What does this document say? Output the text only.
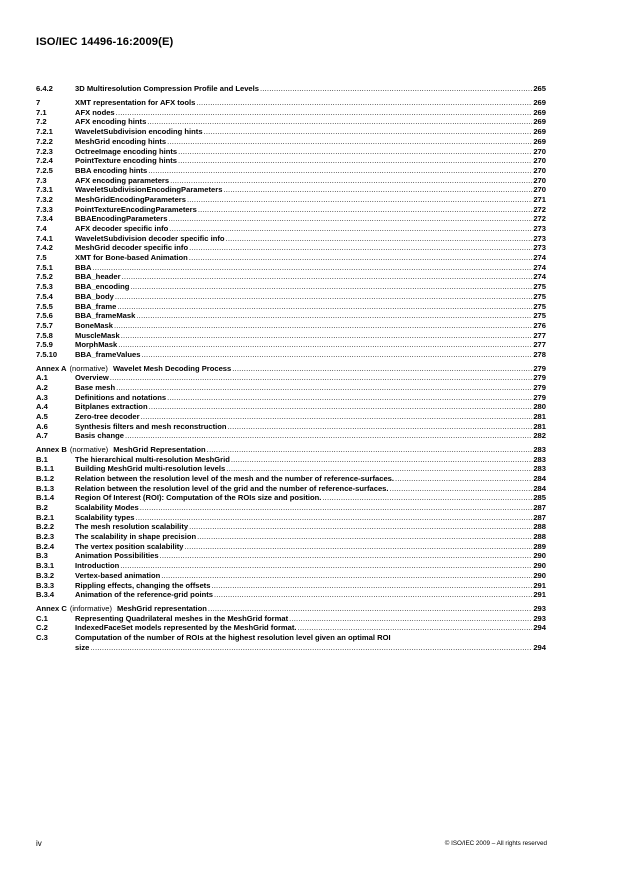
ISO/IEC 14496-16:2009(E)
6.4.2	3D Multiresolution Compression Profile and Levels .....	265
7	XMT representation for AFX tools .....	269
7.1	AFX nodes .....	269
7.2	AFX encoding hints .....	269
7.2.1	WaveletSubdivision encoding hints .....	269
7.2.2	MeshGrid encoding hints .....	269
7.2.3	OctreeImage encoding hints .....	270
7.2.4	PointTexture encoding hints .....	270
7.2.5	BBA encoding hints .....	270
7.3	AFX encoding parameters .....	270
7.3.1	WaveletSubdivisionEncodingParameters .....	270
7.3.2	MeshGridEncodingParameters .....	271
7.3.3	PointTextureEncodingParameters .....	272
7.3.4	BBAEncodingParameters .....	272
7.4	AFX decoder specific info .....	273
7.4.1	WaveletSubdivision decoder specific info .....	273
7.4.2	MeshGrid decoder specific info .....	273
7.5	XMT for Bone-based Animation .....	274
7.5.1	BBA .....	274
7.5.2	BBA_header .....	274
7.5.3	BBA_encoding .....	275
7.5.4	BBA_body .....	275
7.5.5	BBA_frame .....	275
7.5.6	BBA_frameMask .....	275
7.5.7	BoneMask .....	276
7.5.8	MuscleMask .....	277
7.5.9	MorphMask .....	277
7.5.10	BBA_frameValues .....	278
Annex A (normative) Wavelet Mesh Decoding Process .....	279
A.1	Overview .....	279
A.2	Base mesh .....	279
A.3	Definitions and notations .....	279
A.4	Bitplanes extraction .....	280
A.5	Zero-tree decoder .....	281
A.6	Synthesis filters and mesh reconstruction .....	281
A.7	Basis change .....	282
Annex B (normative) MeshGrid Representation .....	283
B.1	The hierarchical multi-resolution MeshGrid .....	283
B.1.1	Building MeshGrid multi-resolution levels .....	283
B.1.2	Relation between the resolution level of the mesh and the number of reference-surfaces. .....	284
B.1.3	Relation between the resolution level of the grid and the number of reference-surfaces. .....	284
B.1.4	Region Of Interest (ROI): Computation of the ROIs size and position. .....	285
B.2	Scalability Modes .....	287
B.2.1	Scalability types .....	287
B.2.2	The mesh resolution scalability .....	288
B.2.3	The scalability in shape precision .....	288
B.2.4	The vertex position scalability .....	289
B.3	Animation Possibilities .....	290
B.3.1	Introduction .....	290
B.3.2	Vertex-based animation .....	290
B.3.3	Rippling effects, changing the offsets .....	291
B.3.4	Animation of the reference-grid points .....	291
Annex C (informative) MeshGrid representation .....	293
C.1	Representing Quadrilateral meshes in the MeshGrid format .....	293
C.2	IndexedFaceSet models represented by the MeshGrid format. .....	294
C.3	Computation of the number of ROIs at the highest resolution level given an optimal ROI
size .....	294
iv	© ISO/IEC 2009 – All rights reserved
